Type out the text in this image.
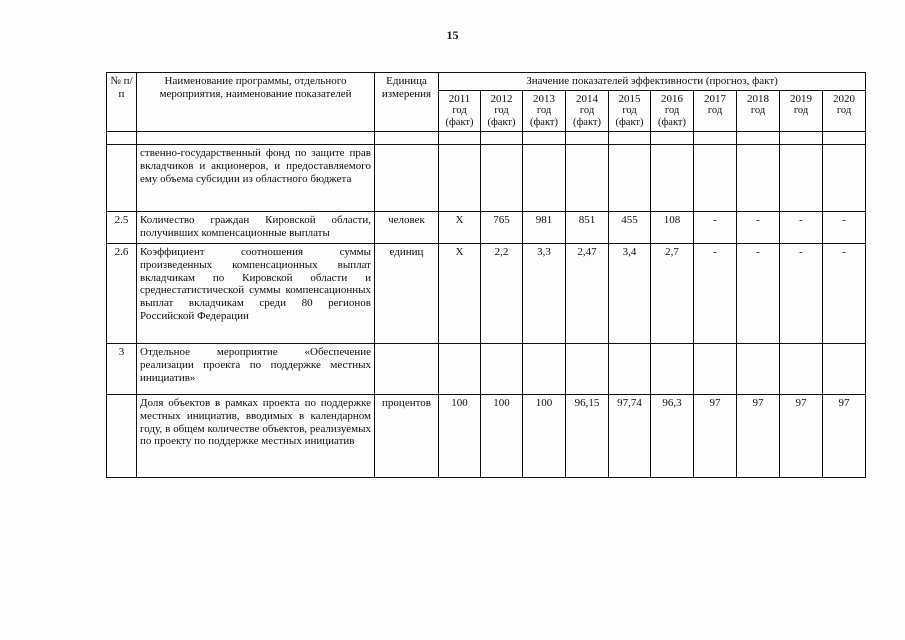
15
№ п/п	Наименование программы, отдельного мероприятия, наименование показателей	Единица измерения	Значение показателей эффективности (прогноз, факт)									

			2011
год
(факт)	2012
год
(факт)	2013
год
(факт)	2014
год
(факт)	2015
год
(факт)	2016
год
(факт)	2017
год	2018
год	2019
год	2020
год

	ственно-государственный фонд по защите прав вкладчиков и акционеров, и предоставляемого ему объема субсидии из областного бюджета											
2.5	Количество граждан Кировской области, получивших компенсационные выплаты	человек	Х	765	981	851	455	108	-	-	-	-
2.6	Коэффициент соотношения суммы произведенных компенсационных выплат вкладчикам по Кировской области и среднестатистической суммы компенсационных выплат вкладчикам среди 80 регионов Российской Федерации	единиц	Х	2,2	3,3	2,47	3,4	2,7	-	-	-	-
3	Отдельное мероприятие «Обеспечение реализации проекта по поддержке местных инициатив»											
	Доля объектов в рамках проекта по поддержке местных инициатив, вводимых в календарном году, в общем количестве объектов, реализуемых по проекту по поддержке местных инициатив	процентов	100	100	100	96,15	97,74	96,3	97	97	97	97
